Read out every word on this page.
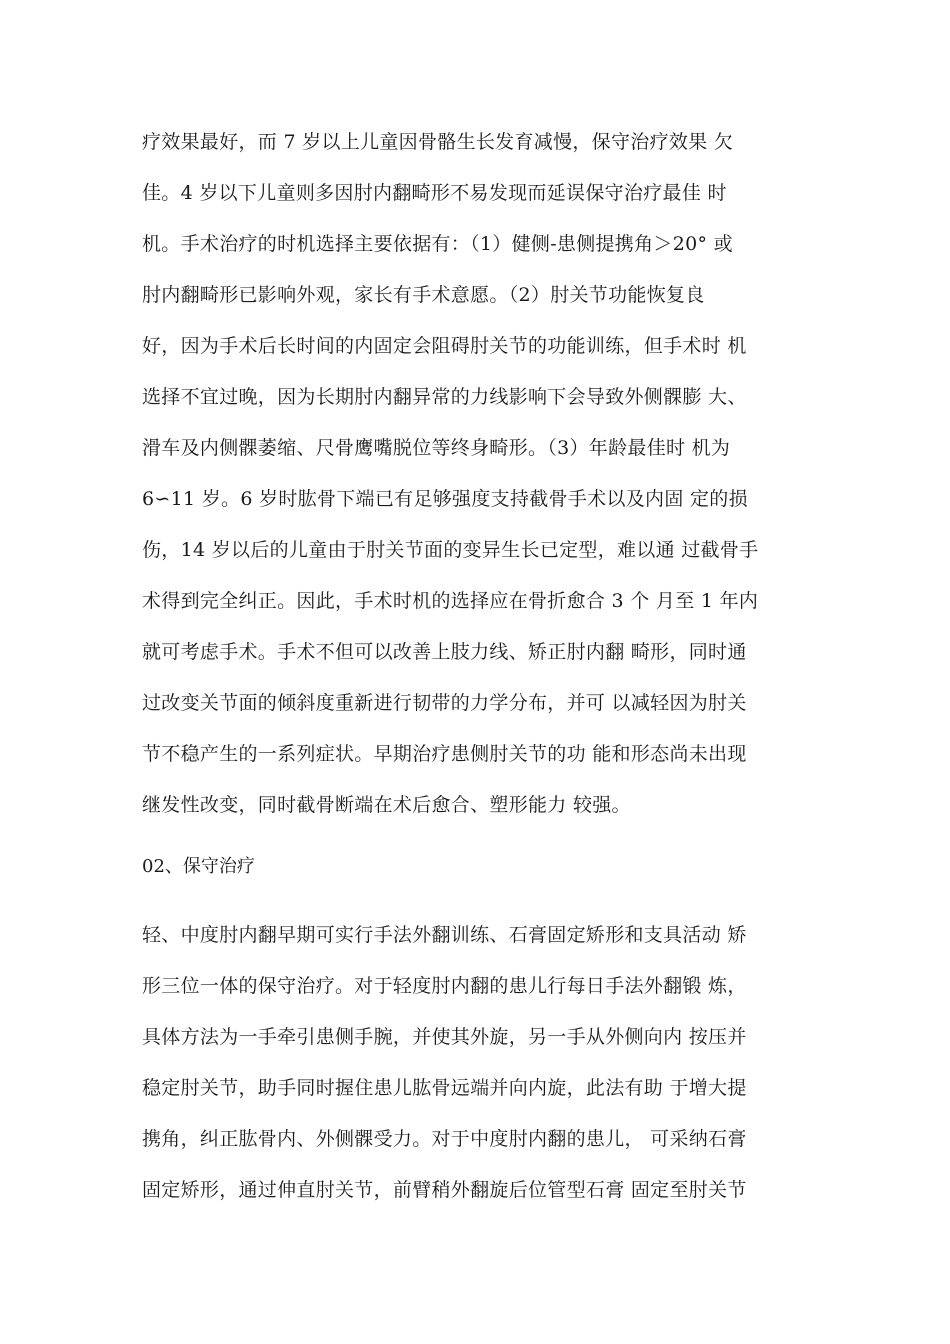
疗效果最好，而 7 岁以上儿童因骨骼生长发育减慢，保守治疗效果 欠
佳。4 岁以下儿童则多因肘内翻畸形不易发现而延误保守治疗最佳 时
机。手术治疗的时机选择主要依据有：（1）健侧-患侧提携角＞20° 或
肘内翻畸形已影响外观，家长有手术意愿。（2）肘关节功能恢复良
好，因为手术后长时间的内固定会阻碍肘关节的功能训练，但手术时 机
选择不宜过晚，因为长期肘内翻异常的力线影响下会导致外侧髁膨 大、
滑车及内侧髁萎缩、尺骨鹰嘴脱位等终身畸形。（3）年龄最佳时 机为
6∽11 岁。6 岁时肱骨下端已有足够强度支持截骨手术以及内固 定的损
伤，14 岁以后的儿童由于肘关节面的变异生长已定型，难以通 过截骨手
术得到完全纠正。因此，手术时机的选择应在骨折愈合 3 个 月至 1 年内
就可考虑手术。手术不但可以改善上肢力线、矫正肘内翻 畸形，同时通
过改变关节面的倾斜度重新进行韧带的力学分布，并可 以减轻因为肘关
节不稳产生的一系列症状。早期治疗患侧肘关节的功 能和形态尚未出现
继发性改变，同时截骨断端在术后愈合、塑形能力 较强。
02、保守治疗
轻、中度肘内翻早期可实行手法外翻训练、石膏固定矫形和支具活动 矫
形三位一体的保守治疗。对于轻度肘内翻的患儿行每日手法外翻锻 炼，
具体方法为一手牵引患侧手腕，并使其外旋，另一手从外侧向内 按压并
稳定肘关节，助手同时握住患儿肱骨远端并向内旋，此法有助 于增大提
携角，纠正肱骨内、外侧髁受力。对于中度肘内翻的患儿， 可采纳石膏
固定矫形，通过伸直肘关节，前臂稍外翻旋后位管型石膏 固定至肘关节
